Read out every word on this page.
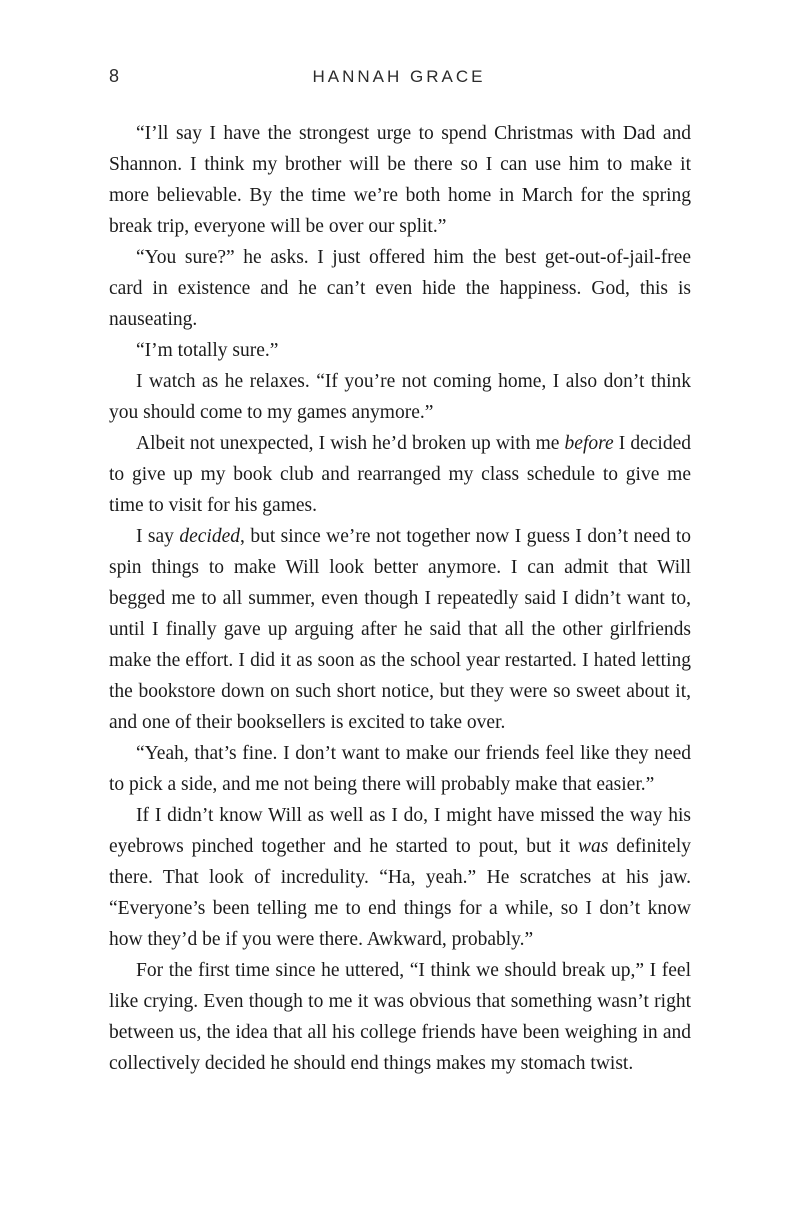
8	HANNAH GRACE

“I’ll say I have the strongest urge to spend Christmas with Dad and Shannon. I think my brother will be there so I can use him to make it more believable. By the time we’re both home in March for the spring break trip, everyone will be over our split.”

“You sure?” he asks. I just offered him the best get-out-of-jail-free card in existence and he can’t even hide the happiness. God, this is nauseating.

“I’m totally sure.”

I watch as he relaxes. “If you’re not coming home, I also don’t think you should come to my games anymore.”

Albeit not unexpected, I wish he’d broken up with me before I decided to give up my book club and rearranged my class schedule to give me time to visit for his games.

I say decided, but since we’re not together now I guess I don’t need to spin things to make Will look better anymore. I can admit that Will begged me to all summer, even though I repeatedly said I didn’t want to, until I finally gave up arguing after he said that all the other girlfriends make the effort. I did it as soon as the school year restarted. I hated letting the bookstore down on such short notice, but they were so sweet about it, and one of their booksellers is excited to take over.

“Yeah, that’s fine. I don’t want to make our friends feel like they need to pick a side, and me not being there will probably make that easier.”

If I didn’t know Will as well as I do, I might have missed the way his eyebrows pinched together and he started to pout, but it was definitely there. That look of incredulity. “Ha, yeah.” He scratches at his jaw. “Everyone’s been telling me to end things for a while, so I don’t know how they’d be if you were there. Awkward, probably.”

For the first time since he uttered, “I think we should break up,” I feel like crying. Even though to me it was obvious that something wasn’t right between us, the idea that all his college friends have been weighing in and collectively decided he should end things makes my stomach twist.
